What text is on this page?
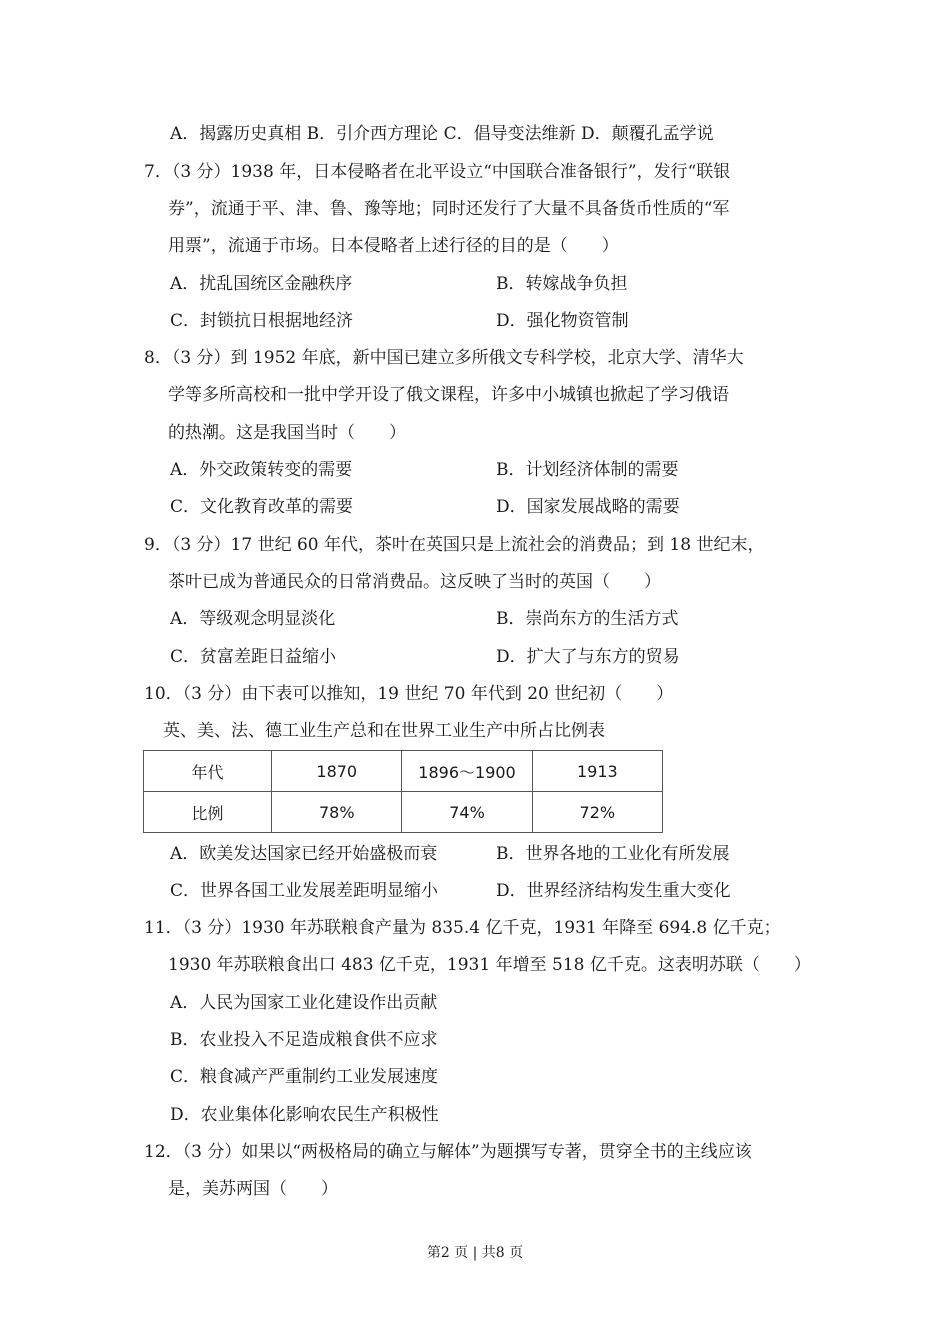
A．揭露历史真相 B．引介西方理论 C．倡导变法维新 D．颠覆孔孟学说
7．（3 分）1938 年，日本侵略者在北平设立“中国联合准备银行”，发行“联银
券”，流通于平、津、鲁、豫等地；同时还发行了大量不具备货币性质的“军
用票”，流通于市场。日本侵略者上述行径的目的是（　　）
A．扰乱国统区金融秩序	B．转嫁战争负担
C．封锁抗日根据地经济	D．强化物资管制
8．（3 分）到 1952 年底，新中国已建立多所俄文专科学校，北京大学、清华大
学等多所高校和一批中学开设了俄文课程，许多中小城镇也掀起了学习俄语
的热潮。这是我国当时（　　）
A．外交政策转变的需要	B．计划经济体制的需要
C．文化教育改革的需要	D．国家发展战略的需要
9．（3 分）17 世纪 60 年代，茶叶在英国只是上流社会的消费品；到 18 世纪末，
茶叶已成为普通民众的日常消费品。这反映了当时的英国（　　）
A．等级观念明显淡化	B．崇尚东方的生活方式
C．贫富差距日益缩小	D．扩大了与东方的贸易
10．（3 分）由下表可以推知，19 世纪 70 年代到 20 世纪初（　　）
英、美、法、德工业生产总和在世界工业生产中所占比例表
年代	1870	1896～1900	1913
比例	78%	74%	72%
A．欧美发达国家已经开始盛极而衰	B．世界各地的工业化有所发展
C．世界各国工业发展差距明显缩小	D．世界经济结构发生重大变化
11．（3 分）1930 年苏联粮食产量为 835.4 亿千克，1931 年降至 694.8 亿千克；
1930 年苏联粮食出口 483 亿千克，1931 年增至 518 亿千克。这表明苏联（　　）
A．人民为国家工业化建设作出贡献
B．农业投入不足造成粮食供不应求
C．粮食减产严重制约工业发展速度
D．农业集体化影响农民生产积极性
12．（3 分）如果以“两极格局的确立与解体”为题撰写专著，贯穿全书的主线应该
是，美苏两国（　　）
第2 页 | 共8 页
